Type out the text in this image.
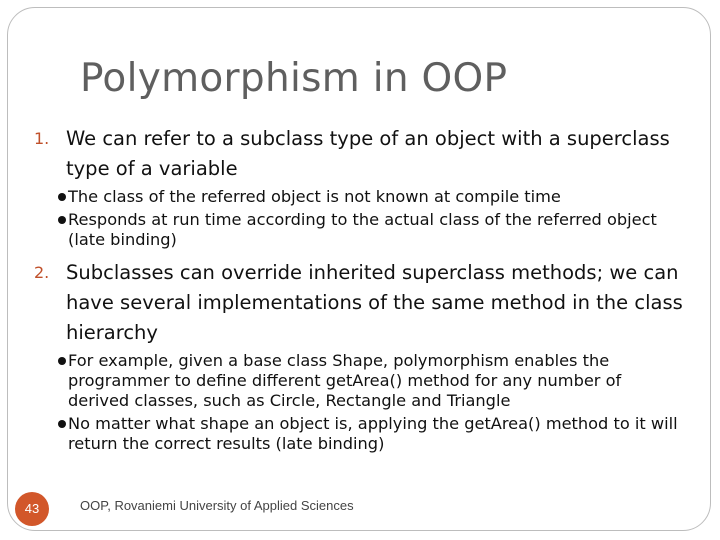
Polymorphism in OOP
1. We can refer to a subclass type of an object with a superclass type of a variable
The class of the referred object is not known at compile time
Responds at run time according to the actual class of the referred object (late binding)
2. Subclasses can override inherited superclass methods; we can have several implementations of the same method in the class hierarchy
For example, given a base class Shape, polymorphism enables the programmer to define different getArea() method for any number of derived classes, such as Circle, Rectangle and Triangle
No matter what shape an object is, applying the getArea() method to it will return the correct results (late binding)
43	OOP, Rovaniemi University of Applied Sciences
